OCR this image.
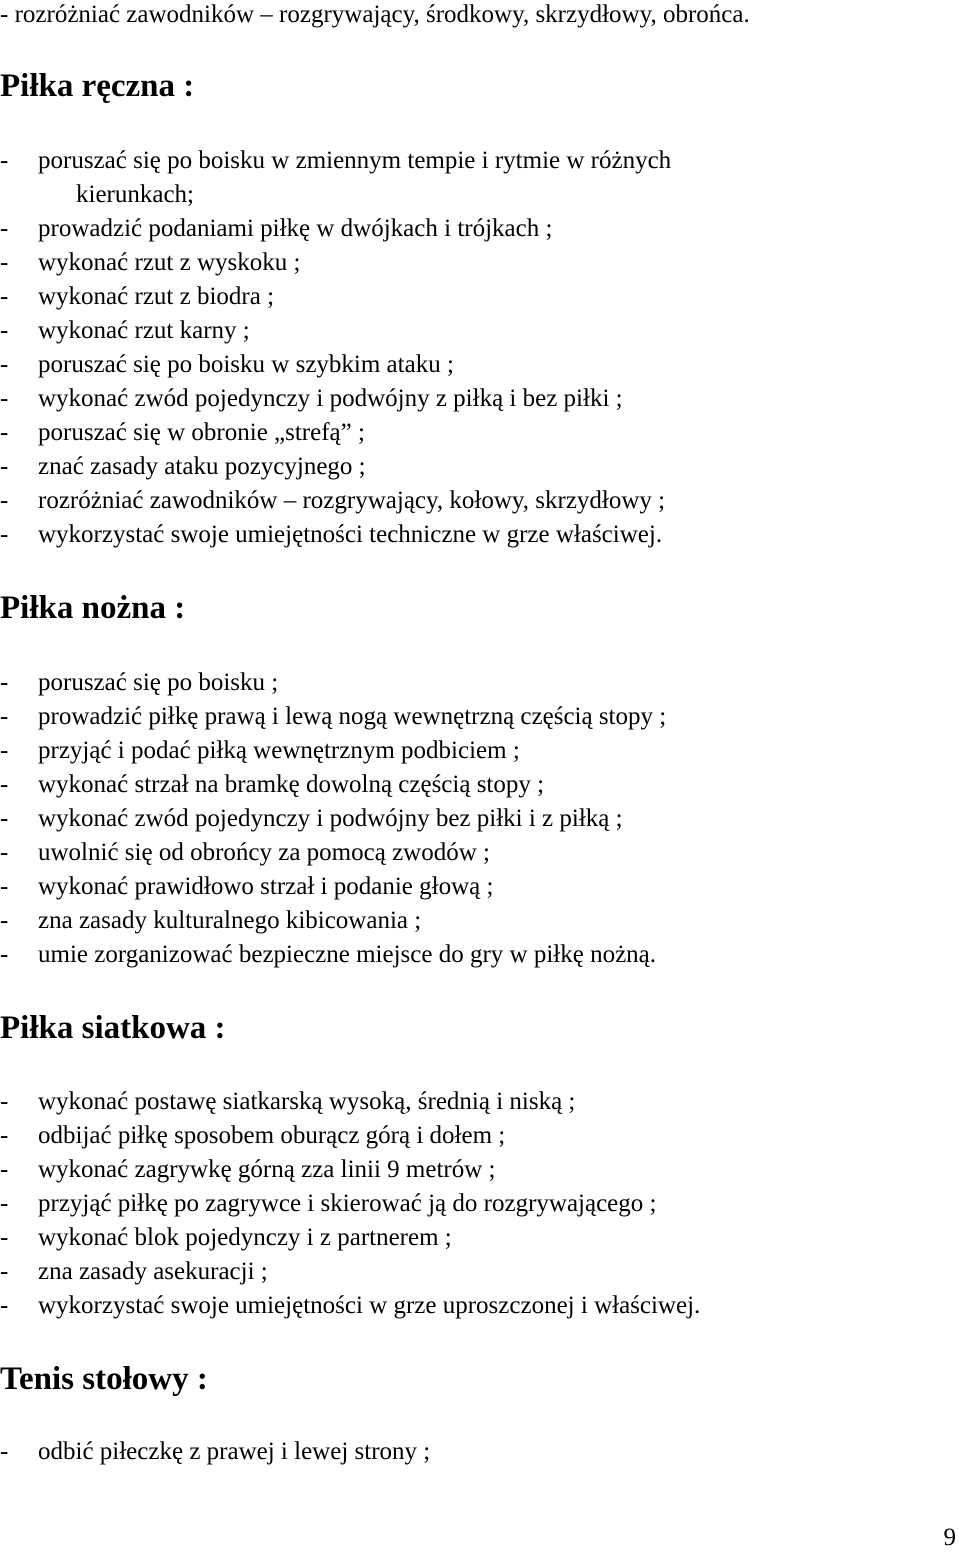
- rozróżniać zawodników – rozgrywający, środkowy, skrzydłowy, obrońca.
Piłka ręczna :
-	poruszać się po boisku w zmiennym tempie i rytmie w różnych
kierunkach;
-	prowadzić podaniami piłkę w dwójkach i trójkach ;
-	wykonać rzut z wyskoku ;
-	wykonać rzut z biodra ;
-	wykonać rzut karny ;
-	poruszać się po boisku w szybkim ataku ;
-	wykonać zwód pojedynczy i podwójny z piłką i bez piłki ;
-	poruszać się w obronie „strefą” ;
-	znać zasady ataku pozycyjnego ;
-	rozróżniać zawodników – rozgrywający, kołowy, skrzydłowy ;
-	wykorzystać swoje umiejętności techniczne w grze właściwej.
Piłka nożna :
-	poruszać się po boisku ;
-	prowadzić piłkę prawą i lewą nogą wewnętrzną częścią stopy ;
-	przyjąć i podać piłką wewnętrznym podbiciem ;
-	wykonać strzał na bramkę dowolną częścią stopy ;
-	wykonać zwód pojedynczy i podwójny bez piłki i z piłką ;
-	uwolnić się od obrońcy za pomocą zwodów ;
-	wykonać prawidłowo strzał i podanie głową ;
-	zna zasady kulturalnego kibicowania ;
-	umie zorganizować bezpieczne miejsce do gry w piłkę nożną.
Piłka siatkowa :
-	wykonać postawę siatkarską wysoką, średnią i niską ;
-	odbijać piłkę sposobem oburącz górą i dołem ;
-	wykonać zagrywkę górną zza linii 9 metrów ;
-	przyjąć piłkę po zagrywce i skierować ją do rozgrywającego ;
-	wykonać blok pojedynczy i z partnerem ;
-	zna zasady asekuracji ;
-	wykorzystać swoje umiejętności w grze uproszczonej i właściwej.
Tenis stołowy :
-	odbić piłeczkę z prawej i lewej strony ;
9
